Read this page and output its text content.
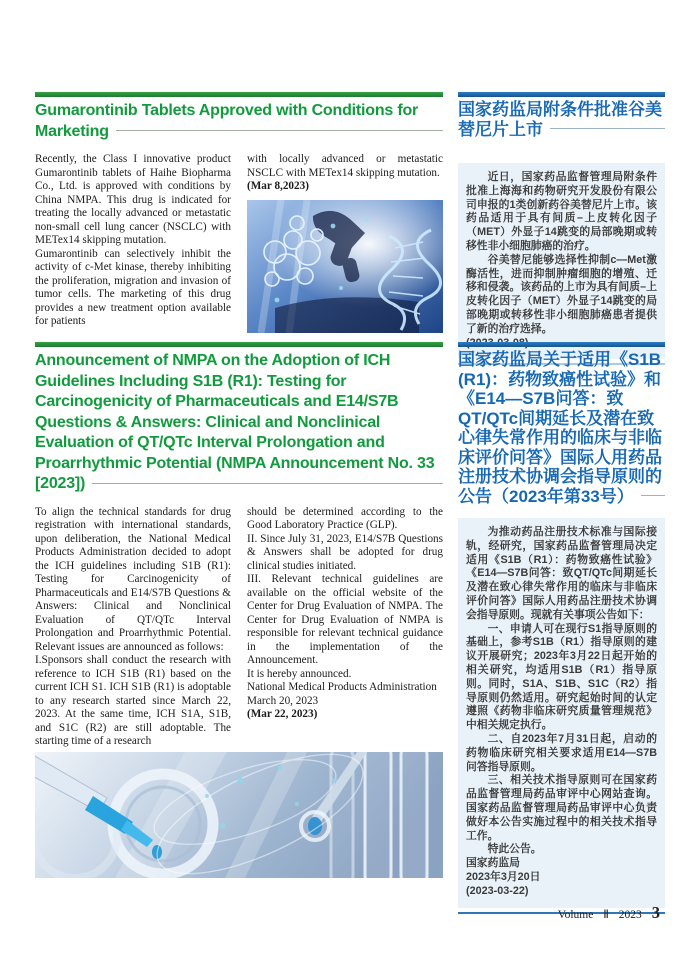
Gumarontinib Tablets Approved with Conditions for Marketing

Recently, the Class I innovative product Gumarontinib tablets of Haihe Biopharma Co., Ltd. is approved with conditions by China NMPA. This drug is indicated for treating the locally advanced or metastatic non-small cell lung cancer (NSCLC) with METex14 skipping mutation.

Gumarontinib can selectively inhibit the activity of c-Met kinase, thereby inhibiting the proliferation, migration and invasion of tumor cells. The marketing of this drug provides a new treatment option available for patients

with locally advanced or metastatic NSCLC with METex14 skipping mutation.

(Mar 8,2023)

国家药监局附条件批准谷美替尼片上市

近日，国家药品监督管理局附条件批准上海海和药物研究开发股份有限公司申报的1类创新药谷美替尼片上市。该药品适用于具有间质–上皮转化因子（MET）外显子14跳变的局部晚期或转移性非小细胞肺癌的治疗。

谷美替尼能够选择性抑制c—Met激酶活性，进而抑制肿瘤细胞的增殖、迁移和侵袭。该药品的上市为具有间质–上皮转化因子（MET）外显子14跳变的局部晚期或转移性非小细胞肺癌患者提供了新的治疗选择。

Announcement of NMPA on the Adoption of ICH Guidelines Including S1B (R1): Testing for Carcinogenicity of Pharmaceuticals and E14/S7B Questions & Answers: Clinical and Nonclinical Evaluation of QT/QTc Interval Prolongation and Proarrhythmic Potential (NMPA Announcement No. 33 [2023])

To align the technical standards for drug registration with international standards, upon deliberation, the National Medical Products Administration decided to adopt the ICH guidelines including S1B (R1): Testing for Carcinogenicity of Pharmaceuticals and E14/S7B Questions & Answers: Clinical and Nonclinical Evaluation of QT/QTc Interval Prolongation and Proarrhythmic Potential. Relevant issues are announced as follows:

I.Sponsors shall conduct the research with reference to ICH S1B (R1) based on the current ICH S1. ICH S1B (R1) is adoptable to any research started since March 22, 2023. At the same time, ICH S1A, S1B, and S1C (R2) are still adoptable. The starting time of a research

should be determined according to the Good Laboratory Practice (GLP).

II. Since July 31, 2023, E14/S7B Questions & Answers shall be adopted for drug clinical studies initiated.

III. Relevant technical guidelines are available on the official website of the Center for Drug Evaluation of NMPA. The Center for Drug Evaluation of NMPA is responsible for relevant technical guidance in the implementation of the Announcement.

It is hereby announced.

National Medical Products Administration

March 20, 2023

(Mar 22, 2023)

国家药监局关于适用《S1B (R1)：药物致癌性试验》和《E14—S7B问答：致QT/QTc间期延长及潜在致心律失常作用的临床与非临床评价问答》国际人用药品注册技术协调会指导原则的公告（2023年第33号）

为推动药品注册技术标准与国际接轨，经研究，国家药品监督管理局决定适用《S1B（R1）：药物致癌性试验》《E14—S7B问答：致QT/QTc间期延长及潜在致心律失常作用的临床与非临床评价问答》国际人用药品注册技术协调会指导原则。现就有关事项公告如下：

一、申请人可在现行S1指导原则的基础上，参考S1B（R1）指导原则的建议开展研究；2023年3月22日起开始的相关研究，均适用S1B（R1）指导原则。同时，S1A、S1B、S1C（R2）指导原则仍然适用。研究起始时间的认定遵照《药物非临床研究质量管理规范》中相关规定执行。

二、自2023年7月31日起，启动的药物临床研究相关要求适用E14—S7B问答指导原则。

三、相关技术指导原则可在国家药品监督管理局药品审评中心网站查询。国家药品监督管理局药品审评中心负责做好本公告实施过程中的相关技术指导工作。

特此公告。

国家药监局

2023年3月20日

(2023-03-22)

Volume Ⅱ 2023 3
